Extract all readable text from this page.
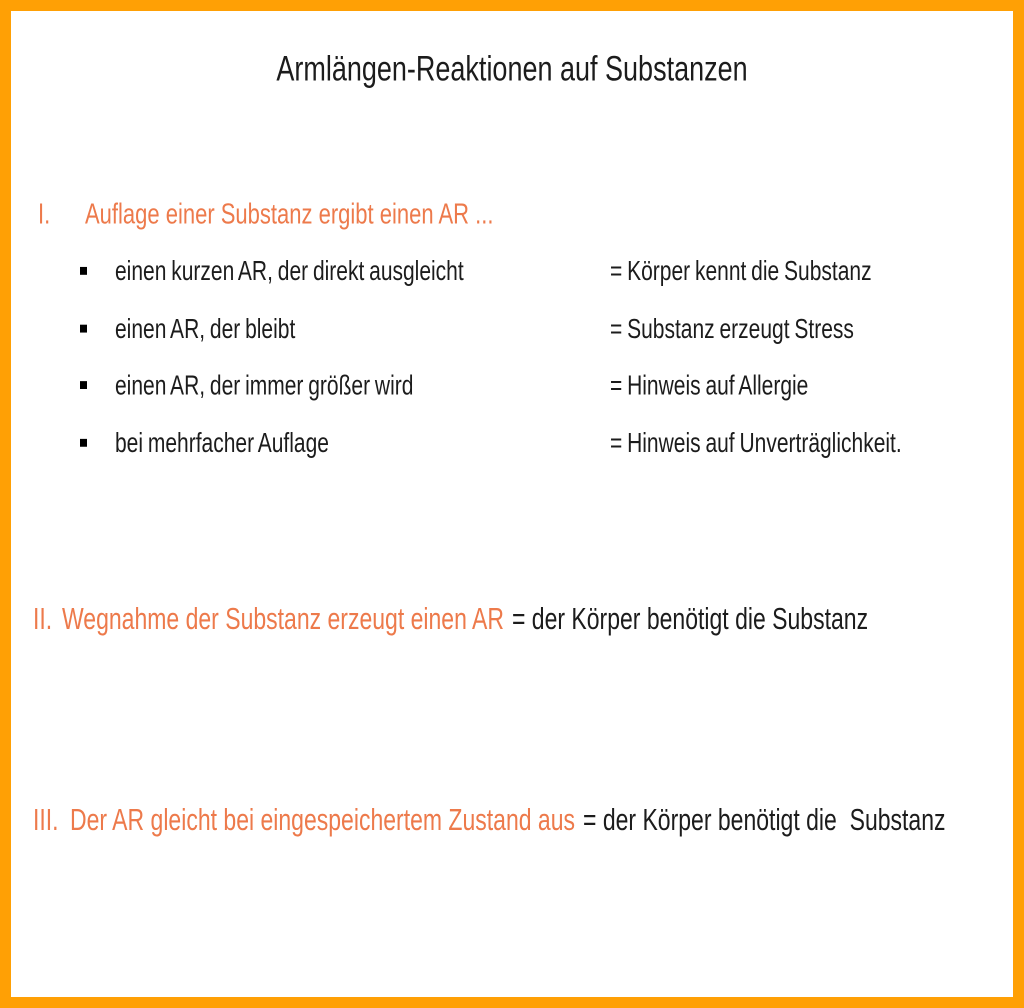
Armlängen-Reaktionen auf Substanzen
I. Auflage einer Substanz ergibt einen AR ...
einen kurzen AR, der direkt ausgleicht	= Körper kennt die Substanz
einen AR, der bleibt	= Substanz erzeugt Stress
einen AR, der immer größer wird	= Hinweis auf Allergie
bei mehrfacher Auflage	= Hinweis auf Unverträglichkeit.
II. Wegnahme der Substanz erzeugt einen AR = der Körper benötigt die Substanz
III. Der AR gleicht bei eingespeichertem Zustand aus = der Körper benötigt die  Substanz
